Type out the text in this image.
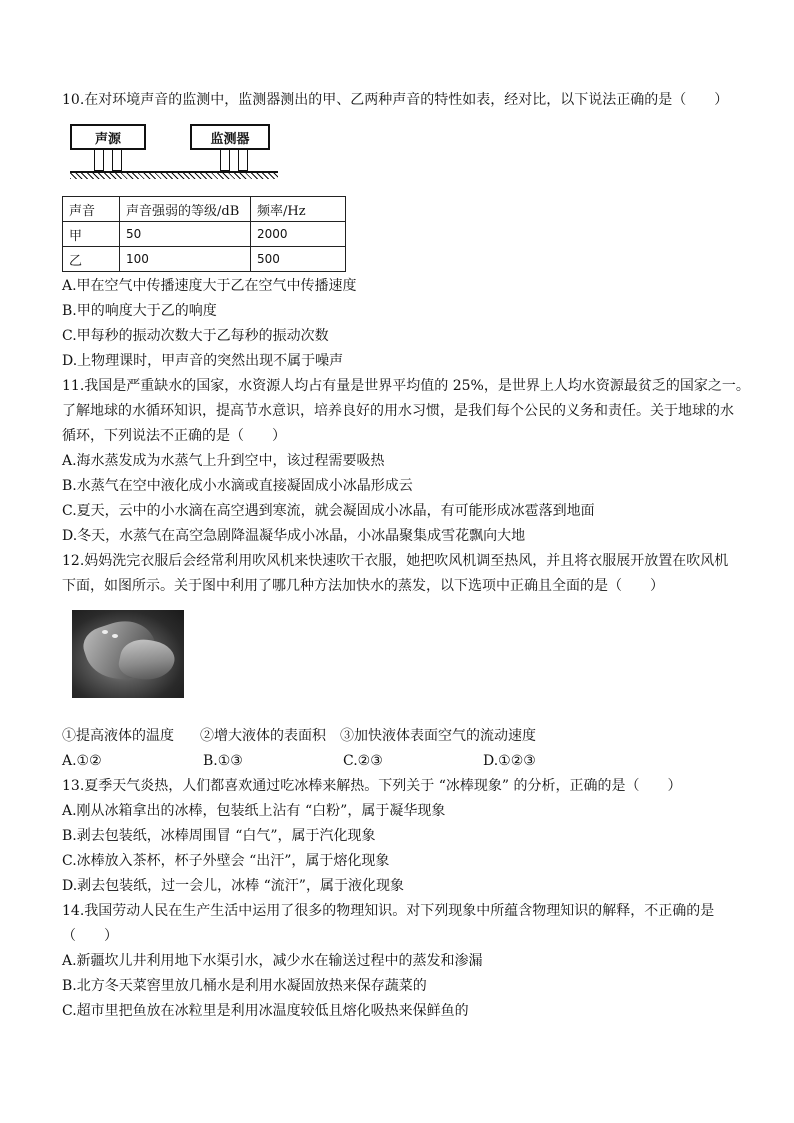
10.在对环境声音的监测中，监测器测出的甲、乙两种声音的特性如表，经对比，以下说法正确的是（　　）
声源	监测器
声音	声音强弱的等级/dB	频率/Hz
甲	50	2000
乙	100	500
A.甲在空气中传播速度大于乙在空气中传播速度
B.甲的响度大于乙的响度
C.甲每秒的振动次数大于乙每秒的振动次数
D.上物理课时，甲声音的突然出现不属于噪声
11.我国是严重缺水的国家，水资源人均占有量是世界平均值的 25%，是世界上人均水资源最贫乏的国家之一。
了解地球的水循环知识，提高节水意识，培养良好的用水习惯，是我们每个公民的义务和责任。关于地球的水
循环，下列说法不正确的是（　　）
A.海水蒸发成为水蒸气上升到空中，该过程需要吸热
B.水蒸气在空中液化成小水滴或直接凝固成小冰晶形成云
C.夏天，云中的小水滴在高空遇到寒流，就会凝固成小冰晶，有可能形成冰雹落到地面
D.冬天，水蒸气在高空急剧降温凝华成小冰晶，小冰晶聚集成雪花飘向大地
12.妈妈洗完衣服后会经常利用吹风机来快速吹干衣服，她把吹风机调至热风，并且将衣服展开放置在吹风机
下面，如图所示。关于图中利用了哪几种方法加快水的蒸发，以下选项中正确且全面的是（　　）
①提高液体的温度 ②增大液体的表面积 ③加快液体表面空气的流动速度
A.①②	B.①③	C.②③	D.①②③
13.夏季天气炎热，人们都喜欢通过吃冰棒来解热。下列关于 “冰棒现象” 的分析，正确的是（　　）
A.刚从冰箱拿出的冰棒，包装纸上沾有 “白粉”，属于凝华现象
B.剥去包装纸，冰棒周围冒 “白气”，属于汽化现象
C.冰棒放入茶杯，杯子外壁会 “出汗”，属于熔化现象
D.剥去包装纸，过一会儿，冰棒 “流汗”，属于液化现象
14.我国劳动人民在生产生活中运用了很多的物理知识。对下列现象中所蕴含物理知识的解释，不正确的是
（　　）
A.新疆坎儿井利用地下水渠引水，减少水在输送过程中的蒸发和渗漏
B.北方冬天菜窖里放几桶水是利用水凝固放热来保存蔬菜的
C.超市里把鱼放在冰粒里是利用冰温度较低且熔化吸热来保鲜鱼的
